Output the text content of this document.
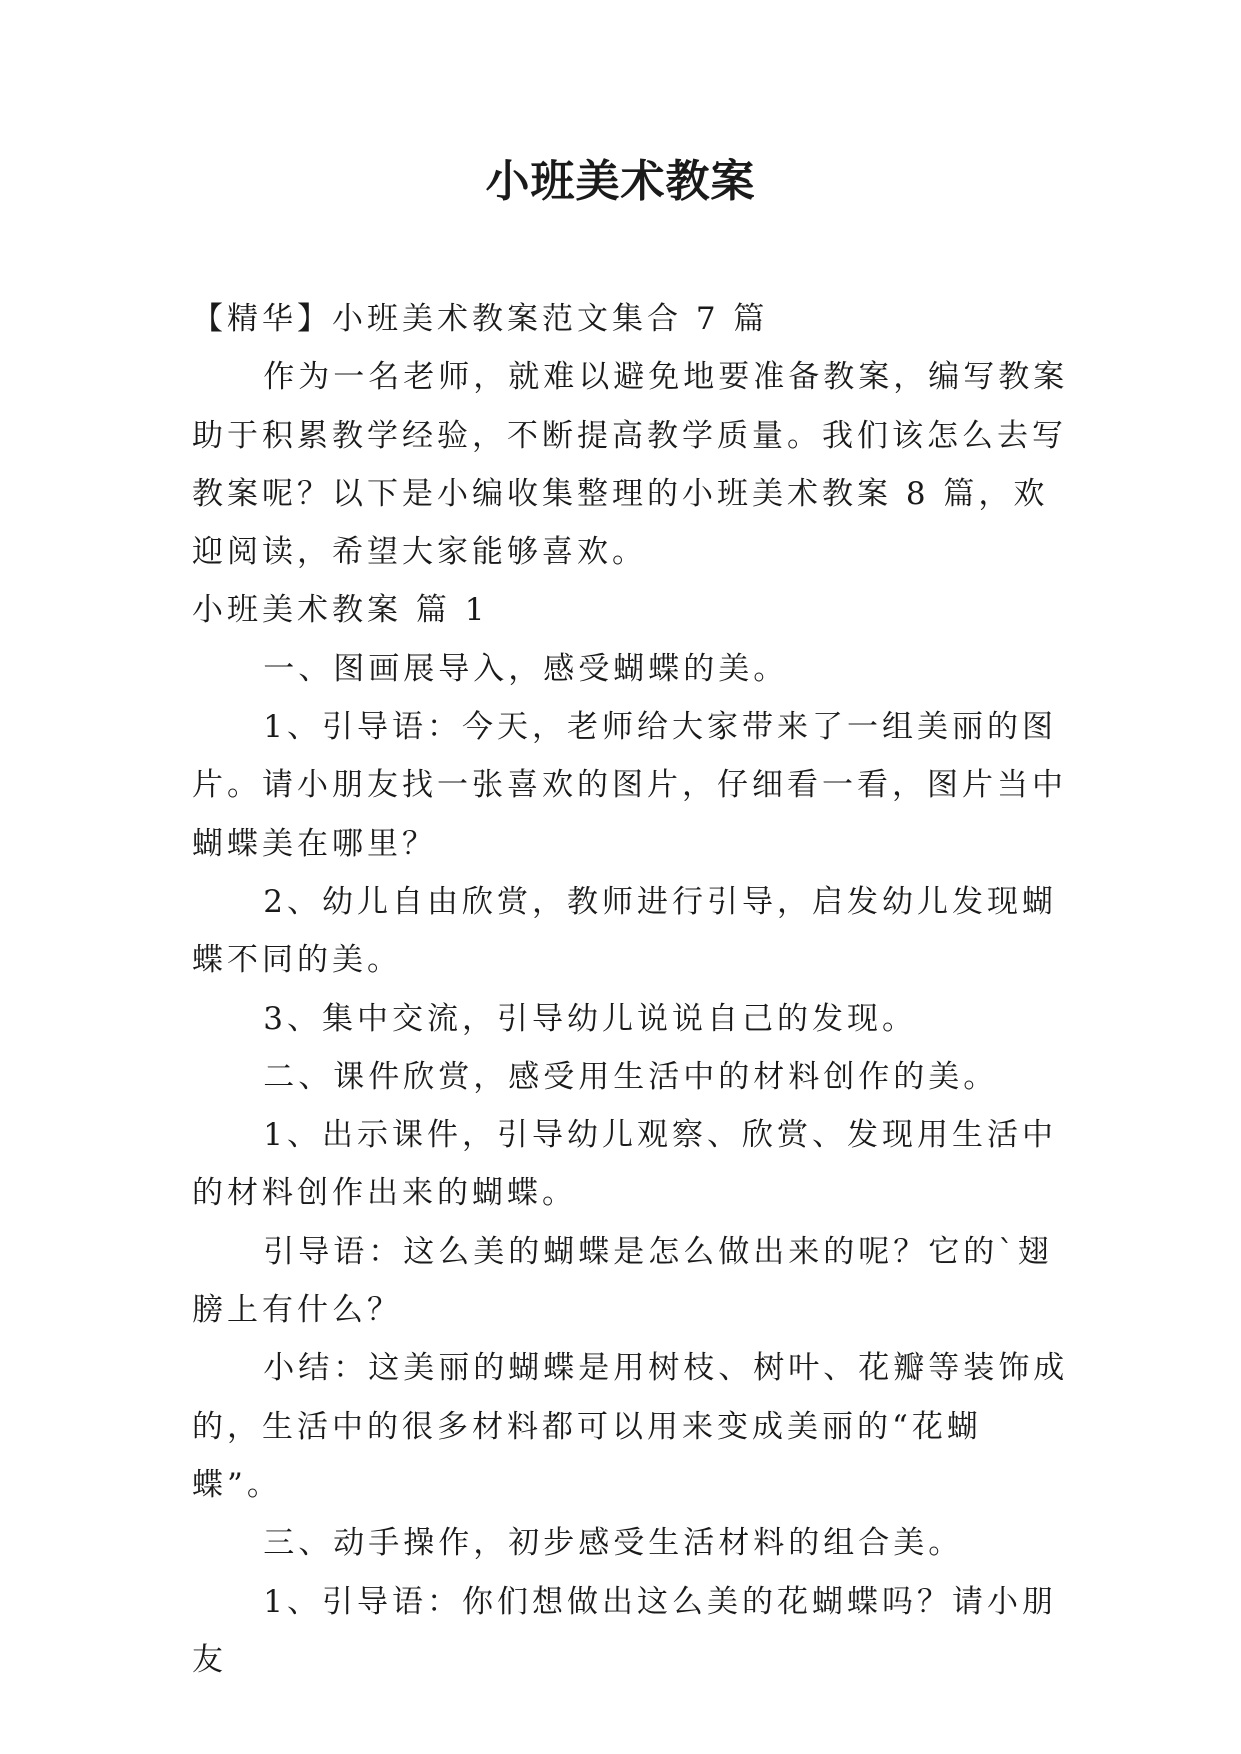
小班美术教案

【精华】小班美术教案范文集合 7 篇

作为一名老师，就难以避免地要准备教案，编写教案助于积累教学经验，不断提高教学质量。我们该怎么去写教案呢？以下是小编收集整理的小班美术教案 8 篇，欢迎阅读，希望大家能够喜欢。

小班美术教案 篇 1

一、图画展导入，感受蝴蝶的美。

1、引导语：今天，老师给大家带来了一组美丽的图片。请小朋友找一张喜欢的图片，仔细看一看，图片当中蝴蝶美在哪里？

2、幼儿自由欣赏，教师进行引导，启发幼儿发现蝴蝶不同的美。

3、集中交流，引导幼儿说说自己的发现。

二、课件欣赏，感受用生活中的材料创作的美。

1、出示课件，引导幼儿观察、欣赏、发现用生活中的材料创作出来的蝴蝶。

引导语：这么美的蝴蝶是怎么做出来的呢？它的`翅膀上有什么？

小结：这美丽的蝴蝶是用树枝、树叶、花瓣等装饰成的，生活中的很多材料都可以用来变成美丽的“花蝴蝶”。

三、动手操作，初步感受生活材料的组合美。

1、引导语：你们想做出这么美的花蝴蝶吗？请小朋友
